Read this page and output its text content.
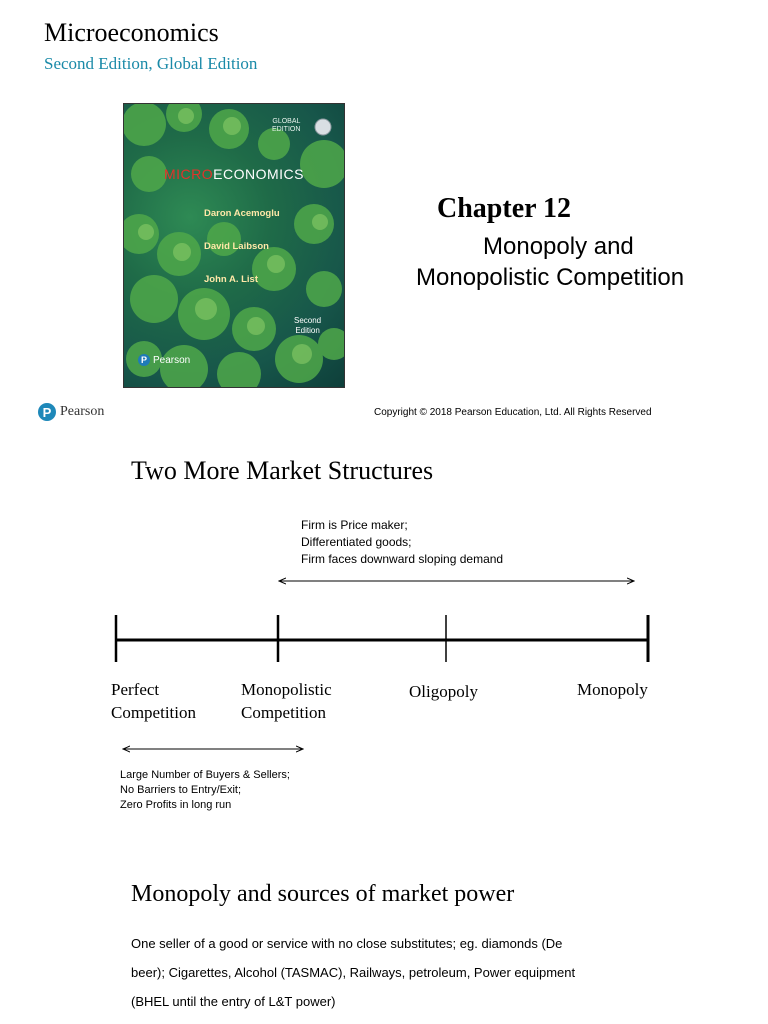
Microeconomics
Second Edition, Global Edition
GLOBAL
EDITION
MICROECONOMICS

Daron Acemoglu

David Laibson

John A. List

Second
Edition
P Pearson
Chapter 12
Monopoly and
Monopolistic Competition
P Pearson	Copyright © 2018 Pearson Education, Ltd. All Rights Reserved
Two More Market Structures
Firm is Price maker;
Differentiated goods;
Firm faces downward sloping demand
Perfect
Competition
Monopolistic
Competition
Oligopoly	Monopoly
Large Number of Buyers & Sellers;
No Barriers to Entry/Exit;
Zero Profits in long run
Monopoly and sources of market power
One seller of a good or service with no close substitutes; eg. diamonds (De
beer); Cigarettes, Alcohol (TASMAC), Railways, petroleum, Power equipment
(BHEL until the entry of L&T power)
